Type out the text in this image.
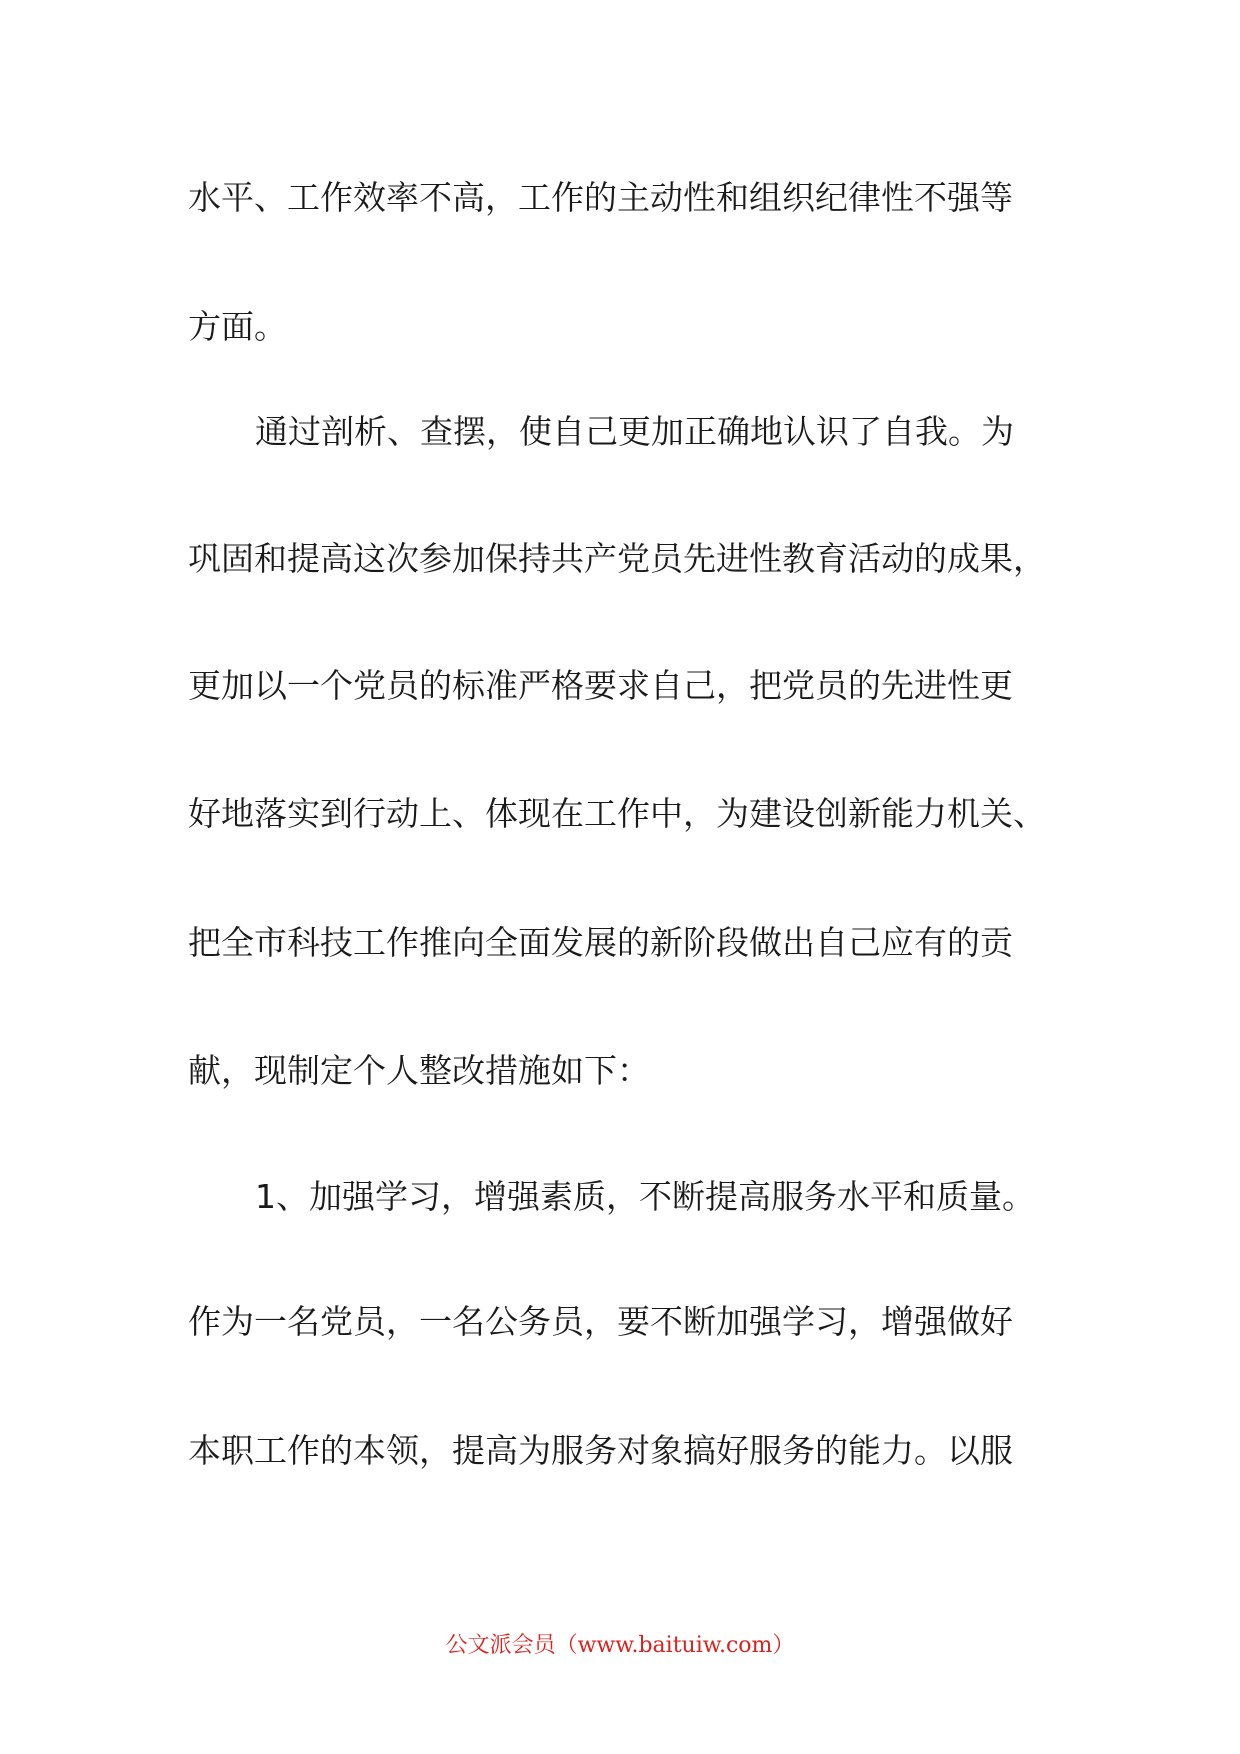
水平、工作效率不高，工作的主动性和组织纪律性不强等
方面。
通过剖析、查摆，使自己更加正确地认识了自我。为
巩固和提高这次参加保持共产党员先进性教育活动的成果，
更加以一个党员的标准严格要求自己，把党员的先进性更
好地落实到行动上、体现在工作中，为建设创新能力机关、
把全市科技工作推向全面发展的新阶段做出自己应有的贡
献，现制定个人整改措施如下：
1、加强学习，增强素质，不断提高服务水平和质量。
作为一名党员，一名公务员，要不断加强学习，增强做好
本职工作的本领，提高为服务对象搞好服务的能力。以服
公文派会员（www.baituiw.com）
